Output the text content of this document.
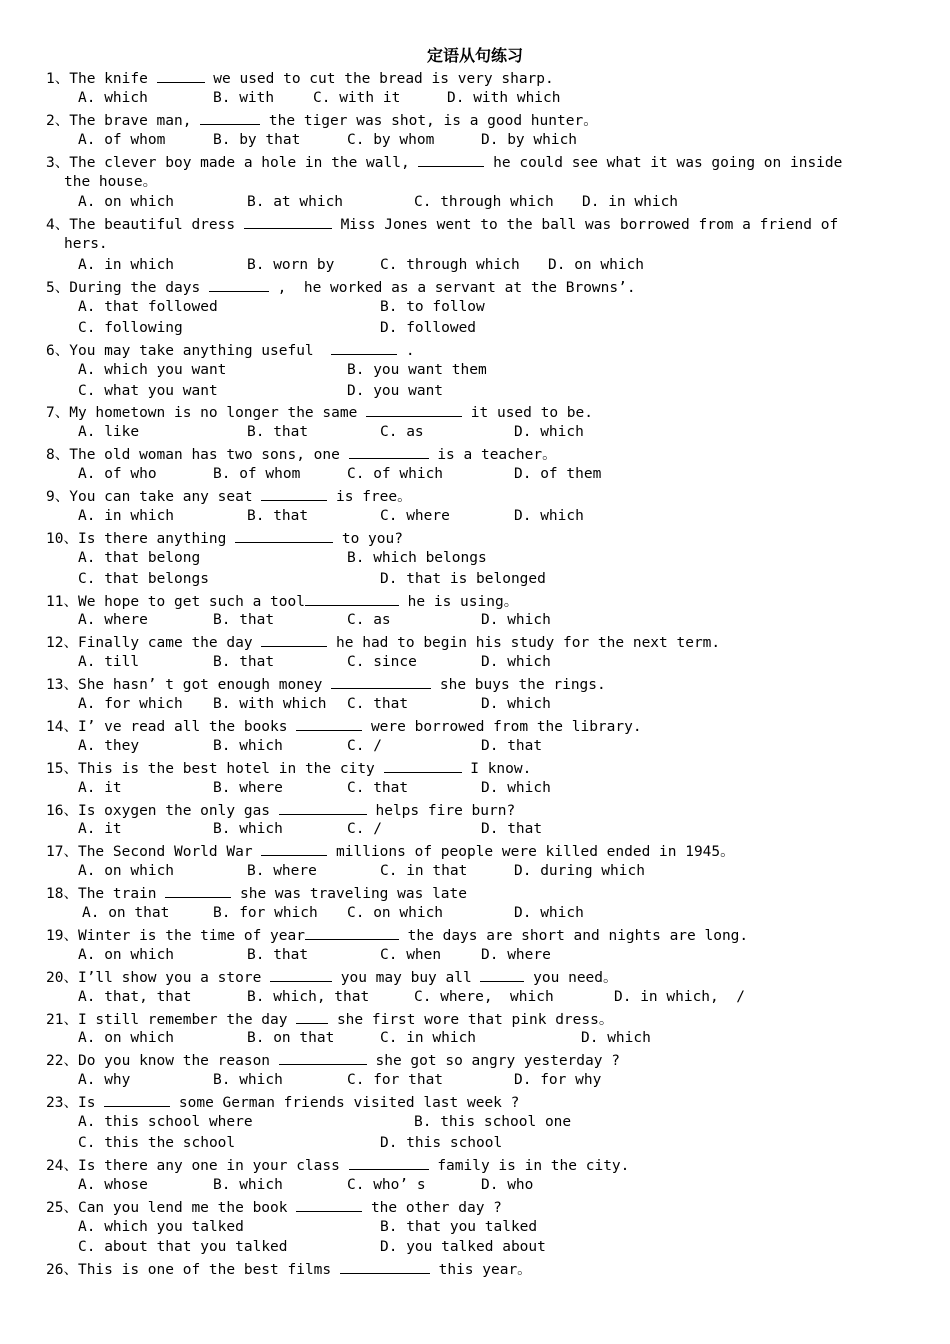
定语从句练习
1、The knife	we used to cut the bread is very sharp.
A. which	B. with	C. with it	D. with which
2、The brave man,	the tiger was shot, is a good hunter。
A. of whom	B. by that	C. by whom	D. by which
3、The clever boy made a hole in the wall,	he could see what it was going on inside
the house。
A. on which	B. at which	C. through which D. in which
4、The beautiful dress	Miss Jones went to the ball was borrowed from a friend of
hers.
A. in which	B. worn by	C. through which D. on which
5、During the days	,  he worked as a servant at the Browns’.
A. that followed	B. to follow
C. following	D. followed
6、You may take anything useful	.
A. which you want	B. you want them
C. what you want	D. you want
7、My hometown is no longer the same	it used to be.
A. like	B. that	C. as	D. which
8、The old woman has two sons, one	is a teacher。
A. of who	B. of whom	C. of which	D. of them
9、You can take any seat	is free。
A. in which	B. that	C. where	D. which
10、Is there anything	to you?
A. that belong	B. which belongs
C. that belongs	D. that is belonged
11、We hope to get such a tool	he is using。
A. where	B. that	C. as	D. which
12、Finally came the day	he had to begin his study for the next term.
A. till	B. that	C. since	D. which
13、She hasn’ t got enough money	she buys the rings.
A. for which B. with which C. that	D. which
14、I’ ve read all the books	were borrowed from the library.
A. they	B. which	C. /	D. that
15、This is the best hotel in the city	I know.
A. it	B. where	C. that	D. which
16、Is oxygen the only gas	helps fire burn?
A. it	B. which	C. /	D. that
17、The Second World War	millions of people were killed ended in 1945。
A. on which	B. where	C. in that	D. during which
18、The train	she was traveling was late
A. on that	B. for which C. on which	D. which
19、Winter is the time of year	the days are short and nights are long.
A. on which	B. that	C. when	D. where
20、I’ll show you a store	you may buy all	you need。
A. that, that	B. which, that	C. where,  which	D. in which,  /
21、I still remember the day  she first wore that pink dress。
A. on which	B. on that	C. in which	D. which
22、Do you know the reason	she got so angry yesterday ?
A. why	B. which	C. for that	D. for why
23、Is	some German friends visited last week ?
A. this school where	B. this school one
C. this the school	D. this school
24、Is there any one in your class	family is in the city.
A. whose	B. which	C. who’ s	D. who
25、Can you lend me the book	the other day ?
A. which you talked	B. that you talked
C. about that you talked	D. you talked about
26、This is one of the best films	this year。
